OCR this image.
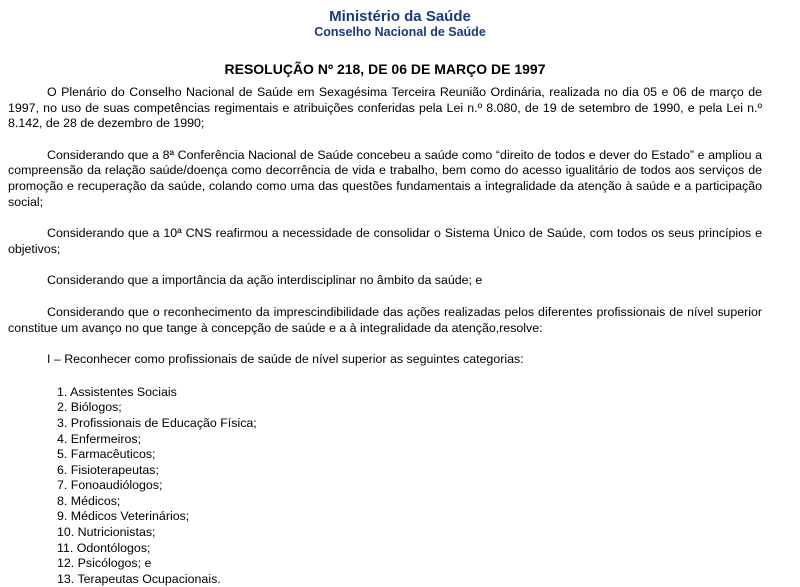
Ministério da Saúde
Conselho Nacional de Saúde
RESOLUÇÃO Nº 218, DE 06 DE MARÇO DE 1997

O Plenário do Conselho Nacional de Saúde em Sexagésima Terceira Reunião Ordinária, realizada no dia 05 e 06 de março de 1997, no uso de suas competências regimentais e atribuições conferidas pela Lei n.º 8.080, de 19 de setembro de 1990, e pela Lei n.º 8.142, de 28 de dezembro de 1990;

Considerando que a 8ª Conferência Nacional de Saúde concebeu a saúde como “direito de todos e dever do Estado” e ampliou a compreensão da relação saúde/doença como decorrência de vida e trabalho, bem como do acesso igualitário de todos aos serviços de promoção e recuperação da saúde, colando como uma das questões fundamentais a integralidade da atenção à saúde e a participação social;

Considerando que a 10ª CNS reafirmou a necessidade de consolidar o Sistema Único de Saúde, com todos os seus princípios e objetivos;

Considerando que a importância da ação interdisciplinar no âmbito da saúde; e

Considerando que o reconhecimento da imprescindibilidade das ações realizadas pelos diferentes profissionais de nível superior constitue um avanço no que tange à concepção de saúde e a à integralidade da atenção,resolve:

I – Reconhecer como profissionais de saúde de nível superior as seguintes categorias:

1. Assistentes Sociais
2. Biólogos;
3. Profissionais de Educação Física;
4. Enfermeiros;
5. Farmacêuticos;
6. Fisioterapeutas;
7. Fonoaudiólogos;
8. Médicos;
9. Médicos Veterinários;
10. Nutricionistas;
11. Odontólogos;
12. Psicólogos; e
13. Terapeutas Ocupacionais.
